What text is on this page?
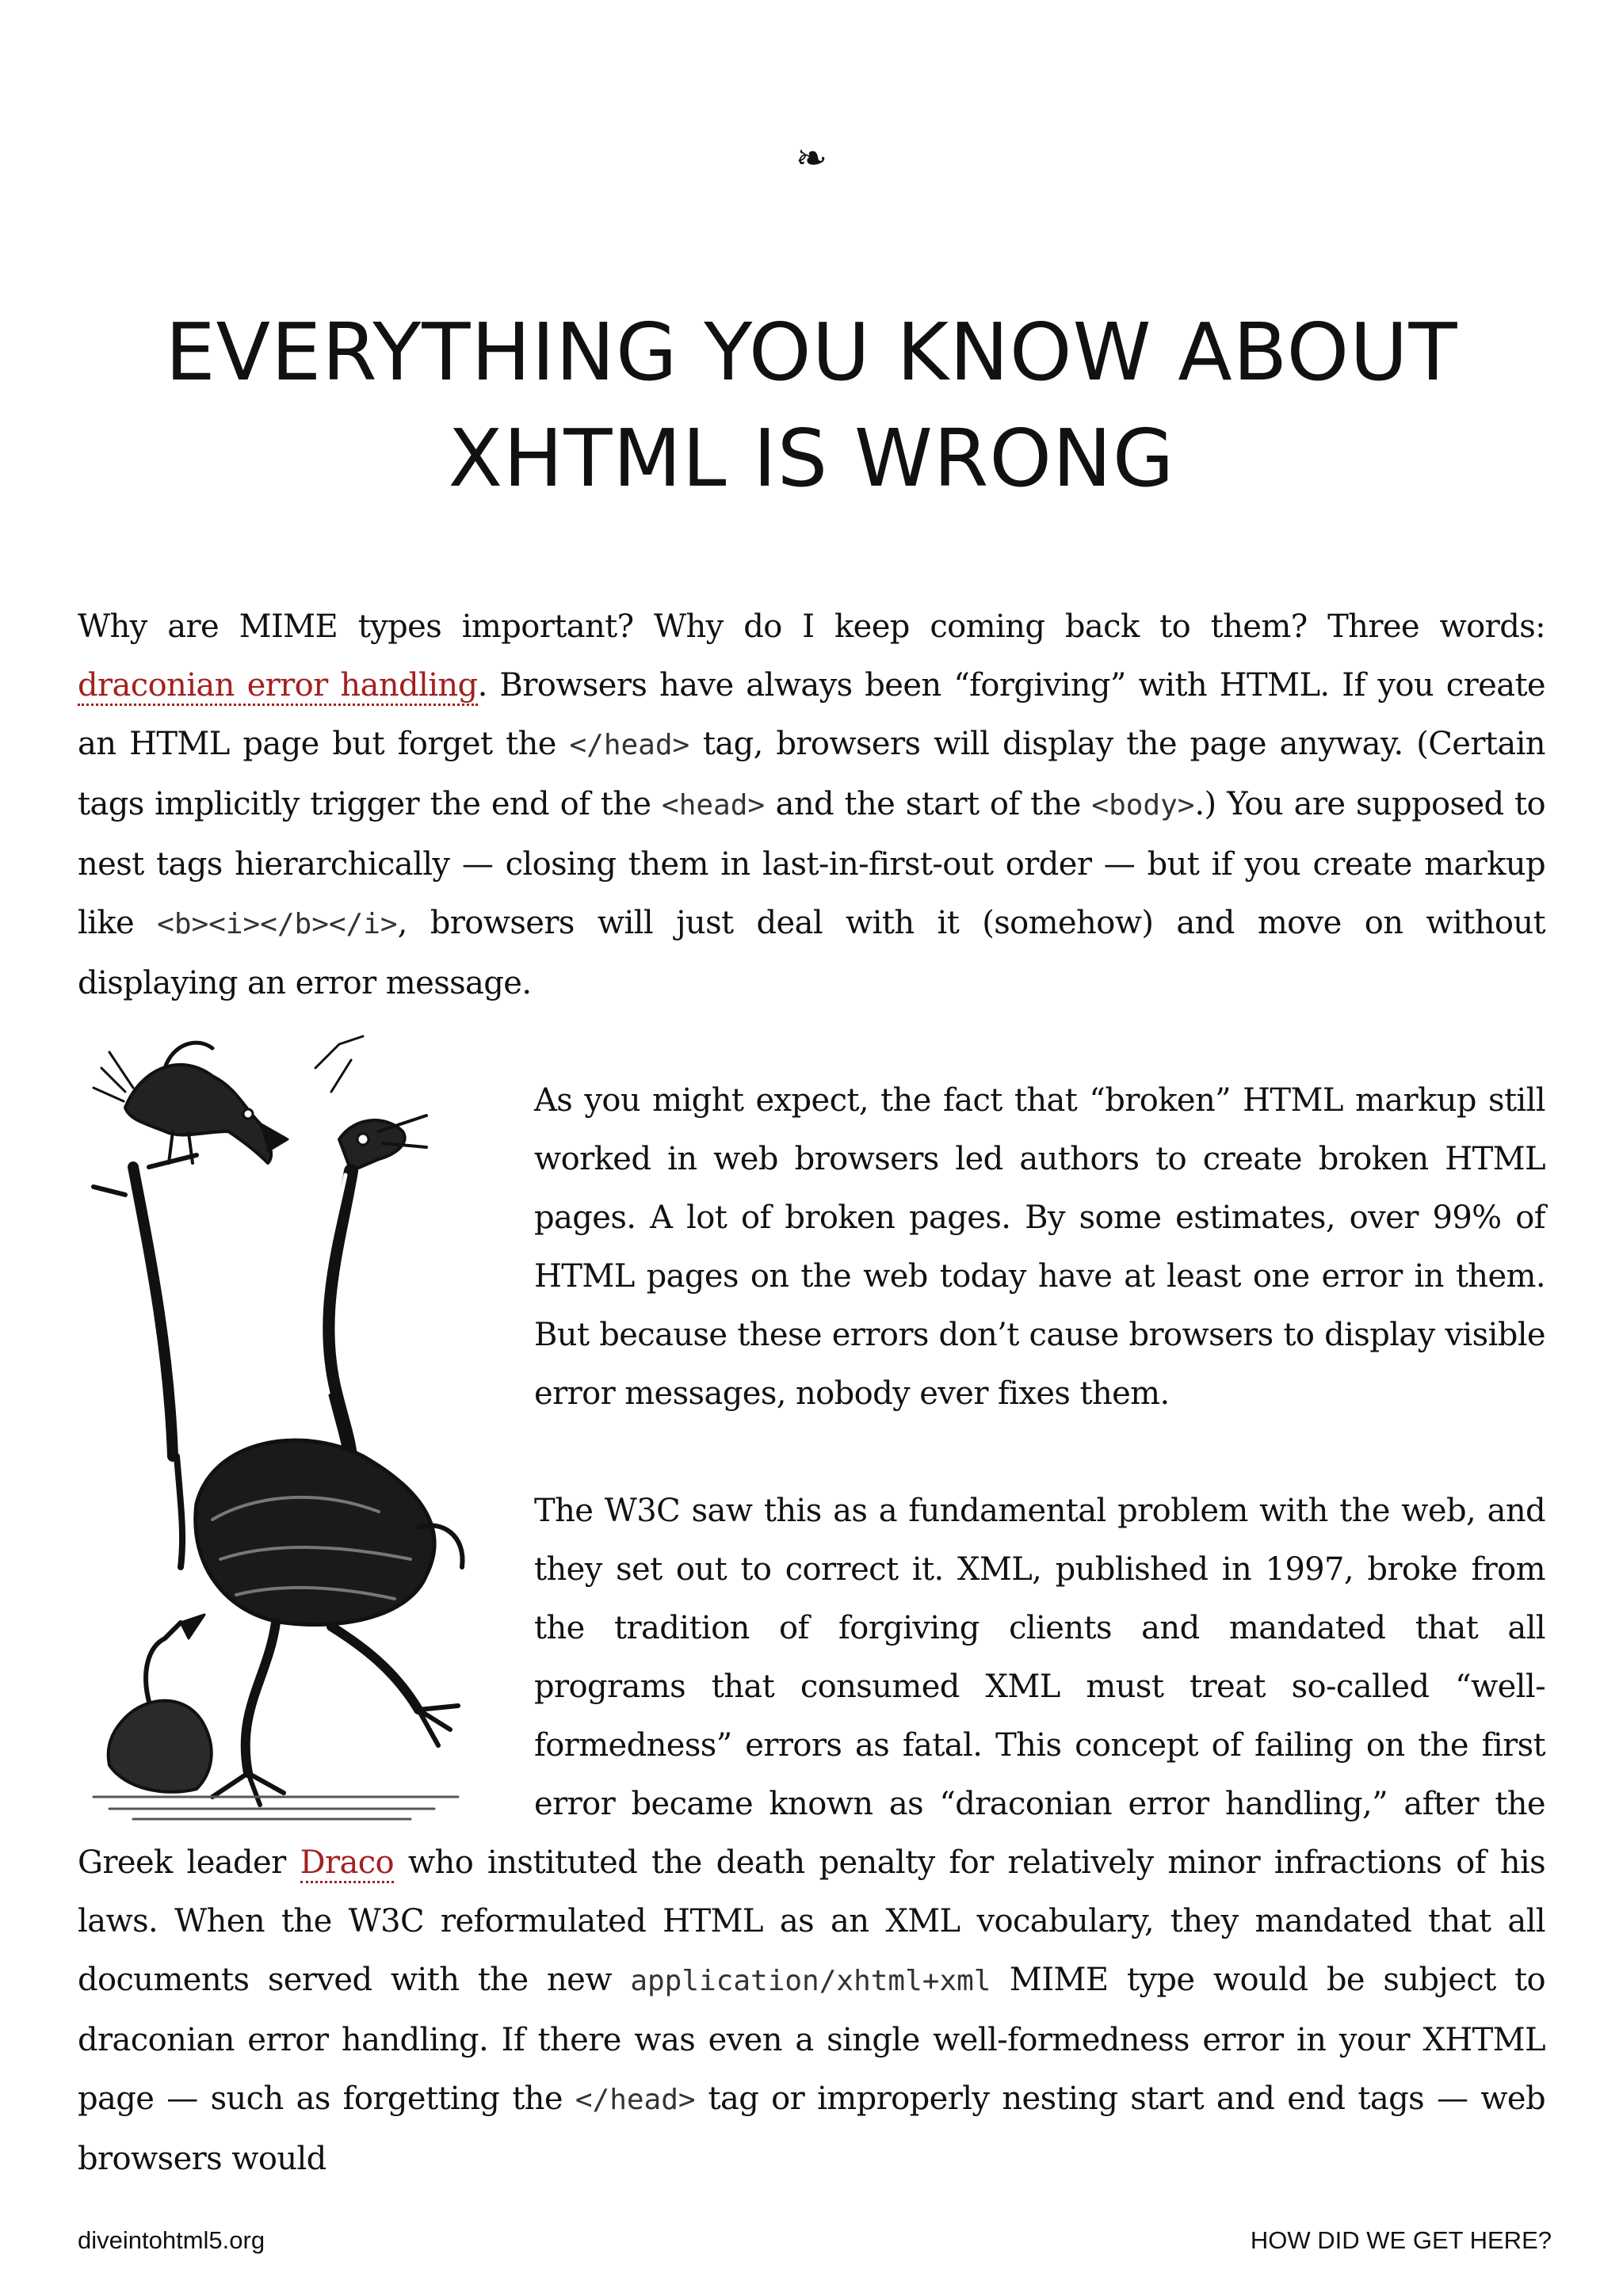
❧
EVERYTHING YOU KNOW ABOUT XHTML IS WRONG

Why are MIME types important? Why do I keep coming back to them? Three words: draconian error handling. Browsers have always been “forgiving” with HTML. If you create an HTML page but forget the </head> tag, browsers will display the page anyway. (Certain tags implicitly trigger the end of the <head> and the start of the <body>.) You are supposed to nest tags hierarchically — closing them in last-in-first-out order — but if you create markup like <b><i></b></i>, browsers will just deal with it (somehow) and move on without displaying an error message.

As you might expect, the fact that “broken” HTML markup still worked in web browsers led authors to create broken HTML pages. A lot of broken pages. By some estimates, over 99% of HTML pages on the web today have at least one error in them. But because these errors don’t cause browsers to display visible error messages, nobody ever fixes them.

The W3C saw this as a fundamental problem with the web, and they set out to correct it. XML, published in 1997, broke from the tradition of forgiving clients and mandated that all programs that consumed XML must treat so-called “well-formedness” errors as fatal. This concept of failing on the first error became known as “draconian error handling,” after the Greek leader Draco who instituted the death penalty for relatively minor infractions of his laws. When the W3C reformulated HTML as an XML vocabulary, they mandated that all documents served with the new application/xhtml+xml MIME type would be subject to draconian error handling. If there was even a single well-formedness error in your XHTML page — such as forgetting the </head> tag or improperly nesting start and end tags — web browsers would

diveintohtml5.org	HOW DID WE GET HERE?
